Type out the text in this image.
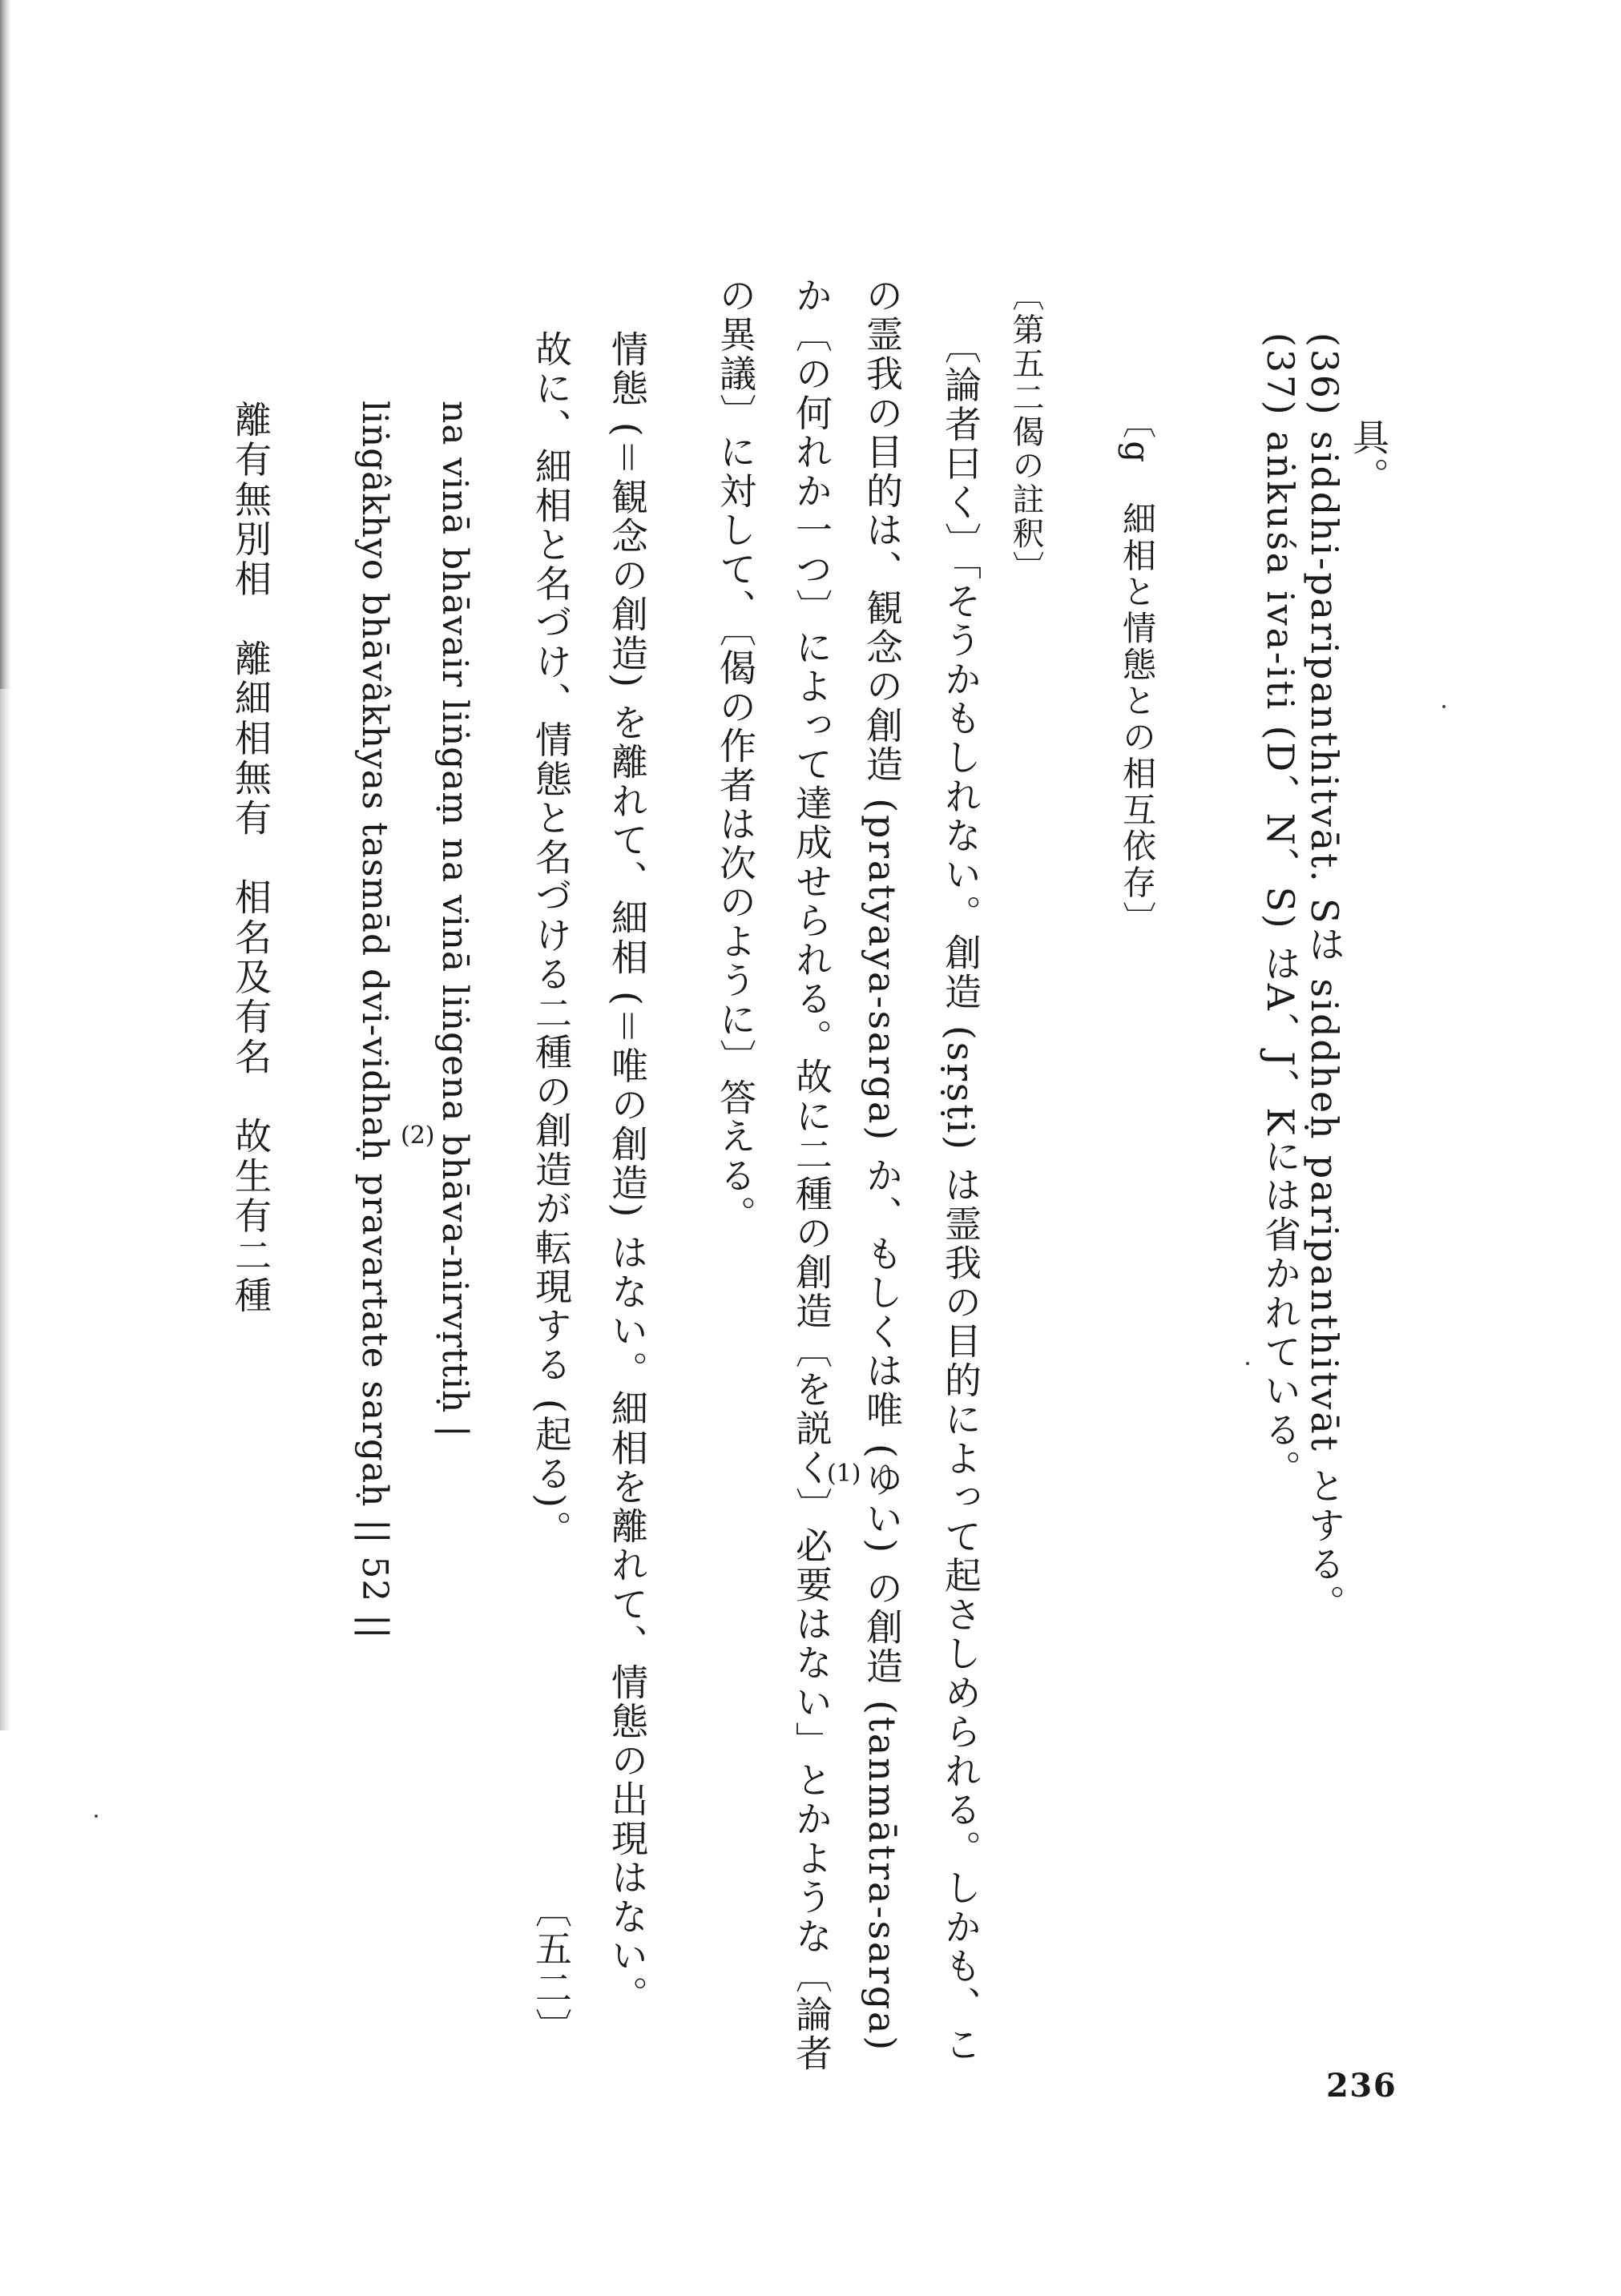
具。
(36) siddhi-paripanthitvāt. Sは siddheḥ paripanthitvāt とする。
(37) aṅkuśa iva-iti (D、N、S) はA、J、Kには省かれている。
〔g　細相と情態との相互依存〕
〔第五二偈の註釈〕
〔論者曰く〕「そうかもしれない。創造 (sṛṣṭi) は霊我の目的によって起さしめられる。しかも、こ
の霊我の目的は、観念の創造 (pratyaya-sarga) か、もしくは唯 (ゆい) の創造 (tanmātra-sarga)
か〔の何れか一つ〕によって達成せられる。故に二種の創造〔を説く〕必要はない」とかような〔論者
の異議〕に対して、〔偈の作者は次のように〕答える。
(1)
情態 (＝観念の創造) を離れて、細相 (＝唯の創造) はない。細相を離れて、情態の出現はない。
故に、細相と名づけ、情態と名づける二種の創造が転現する (起る)。
〔五二〕
na vinā bhāvair liṅgaṃ na vinā liṅgena bhāva-nirvṛttiḥ |
(2)
liṅgâkhyo bhāvâkhyas tasmād dvi-vidhaḥ pravartate sargaḥ || 52 ||
離有無別相　離細相無有　相名及有名　故生有二種
236
